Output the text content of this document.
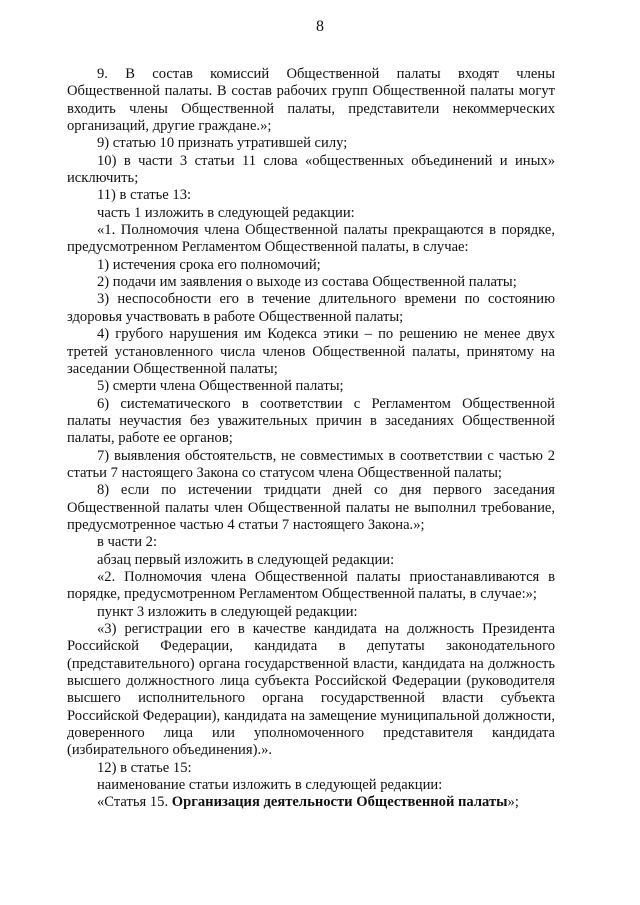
8

9. В состав комиссий Общественной палаты входят члены Общественной палаты. В состав рабочих групп Общественной палаты могут входить члены Общественной палаты, представители некоммерческих организаций, другие граждане.»;

9) статью 10 признать утратившей силу;

10) в части 3 статьи 11 слова «общественных объединений и иных» исключить;

11) в статье 13:

часть 1 изложить в следующей редакции:

«1. Полномочия члена Общественной палаты прекращаются в порядке, предусмотренном Регламентом Общественной палаты, в случае:

1) истечения срока его полномочий;

2) подачи им заявления о выходе из состава Общественной палаты;

3) неспособности его в течение длительного времени по состоянию здоровья участвовать в работе Общественной палаты;

4) грубого нарушения им Кодекса этики – по решению не менее двух третей установленного числа членов Общественной палаты, принятому на заседании Общественной палаты;

5) смерти члена Общественной палаты;

6) систематического в соответствии с Регламентом Общественной палаты неучастия без уважительных причин в заседаниях Общественной палаты, работе ее органов;

7) выявления обстоятельств, не совместимых в соответствии с частью 2 статьи 7 настоящего Закона со статусом члена Общественной палаты;

8) если по истечении тридцати дней со дня первого заседания Общественной палаты член Общественной палаты не выполнил требование, предусмотренное частью 4 статьи 7 настоящего Закона.»;

в части 2:

абзац первый изложить в следующей редакции:

«2. Полномочия члена Общественной палаты приостанавливаются в порядке, предусмотренном Регламентом Общественной палаты, в случае:»;

пункт 3 изложить в следующей редакции:

«3) регистрации его в качестве кандидата на должность Президента Российской Федерации, кандидата в депутаты законодательного (представительного) органа государственной власти, кандидата на должность высшего должностного лица субъекта Российской Федерации (руководителя высшего исполнительного органа государственной власти субъекта Российской Федерации), кандидата на замещение муниципальной должности, доверенного лица или уполномоченного представителя кандидата (избирательного объединения).».

12) в статье 15:

наименование статьи изложить в следующей редакции:

«Статья 15. Организация деятельности Общественной палаты»;
